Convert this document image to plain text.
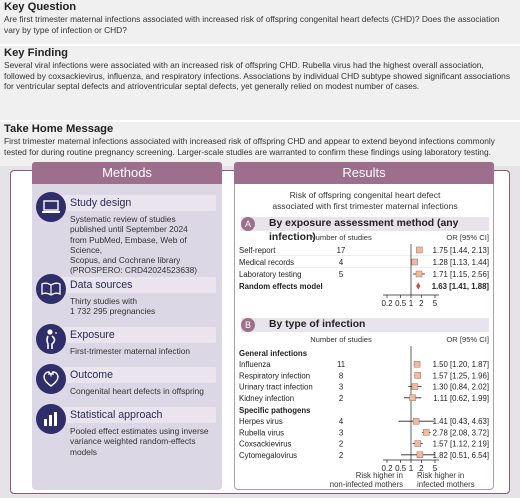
Key Question

Are first trimester maternal infections associated with increased risk of offspring congenital heart defects (CHD)? Does the association vary by type of infection or CHD?

Key Finding

Several viral infections were associated with an increased risk of offspring CHD. Rubella virus had the highest overall association, followed by coxsackievirus, influenza, and respiratory infections. Associations by individual CHD subtype showed significant associations for ventricular septal defects and atrioventricular septal defects, yet generally relied on modest number of cases.

Take Home Message

First trimester maternal infections associated with increased risk of offspring CHD and appear to extend beyond infections commonly tested for during routine pregnancy screening. Larger-scale studies are warranted to confirm these findings using laboratory testing.

Methods
Study design
Systematic review of studies
published until September 2024
from PubMed, Embase, Web of Science,
Scopus, and Cochrane library
(PROSPERO: CRD42024523638)
Data sources
Thirty studies with
1 732 295 pregnancies
Exposure
First-trimester maternal infection
Outcome
Congenital heart defects in offspring
Statistical approach
Pooled effect estimates using inverse
variance weighted random-effects models
Results
Risk of offspring congenital heart defect
associated with first trimester maternal infections
A	By exposure assessment method (any infection)
Number of studies	OR [95% CI]
0.2 0.5 1 2 5
Self-report	17	1.75 [1.44, 2.13]
Medical records	4	1.28 [1.13, 1.44]
Laboratory testing	5	1.71 [1.15, 2.56]
Random effects model	1.63 [1.41, 1.88]
B	By type of infection
Number of studies	OR [95% CI]
0.2 0.5 1 2 5
General infections
Influenza	11	1.50 [1.20, 1.87]
Respiratory infection	8	1.57 [1.25, 1.96]
Urinary tract infection	3	1.30 [0.84, 2.02]
Kidney infection	2	1.11 [0.62, 1.99]
Specific pathogens
Herpes virus	4	1.41 [0.43, 4.63]
Rubella virus	3	2.78 [2.08, 3.72]
Coxsackievirus	2	1.57 [1.12, 2.19]
Cytomegalovirus	2	1.82 [0.51, 6.54]
Risk higher in
non-infected mothers
Risk higher in
infected mothers
